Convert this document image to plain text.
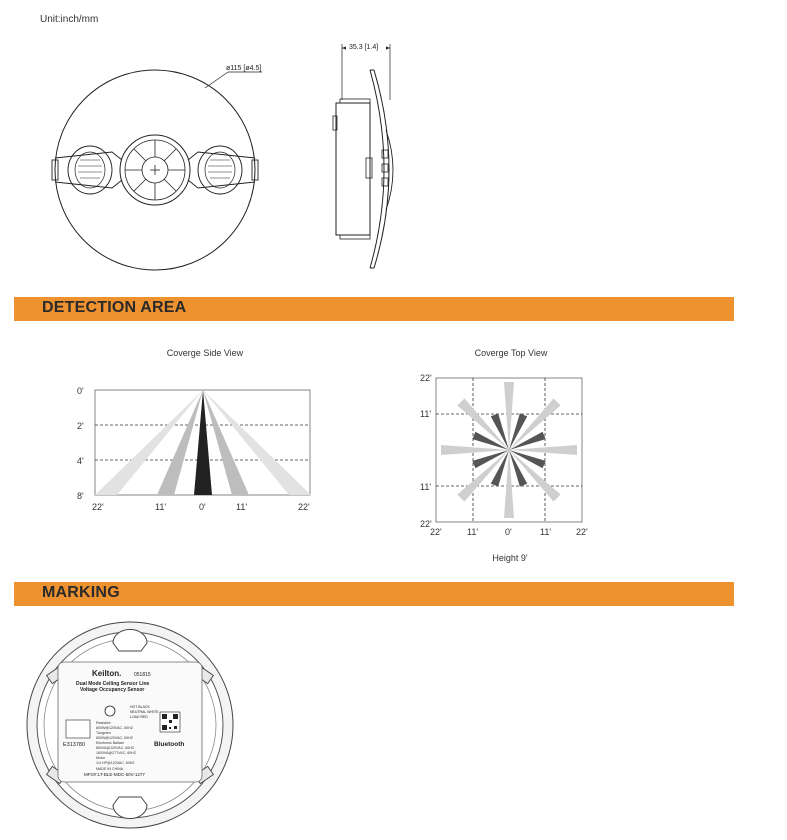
Unit:inch/mm
ø115 [ø4.5]
35.3 [1.4]
DETECTION AREA
MARKING
Coverge Side View
0'
2'
4'
8'
22'	11'	0'	11'	22'
Coverge Top View
22'
11'
11'
22'
22'	11'	0'	11'	22'
Height 9'
Keilton.	051815
Dual Mode Ceiling Sensor Line
Voltage Occupancy Sensor
HOT BLACK
NEUTRAL WHITE
LOAD RED
E313780
Resistive
800W@120VAC, 60HZ
Tungsten
800W@120VAC, 60HZ
Electronic Ballast
800VA@120VAC, 60HZ
1600VA@277VAC, 60HZ
Motor
1/4 HP@120VAC, 60HZ
MADE IN CHINA
Bluetooth
MFG#:LT-BLE-MDC-50V-1277
